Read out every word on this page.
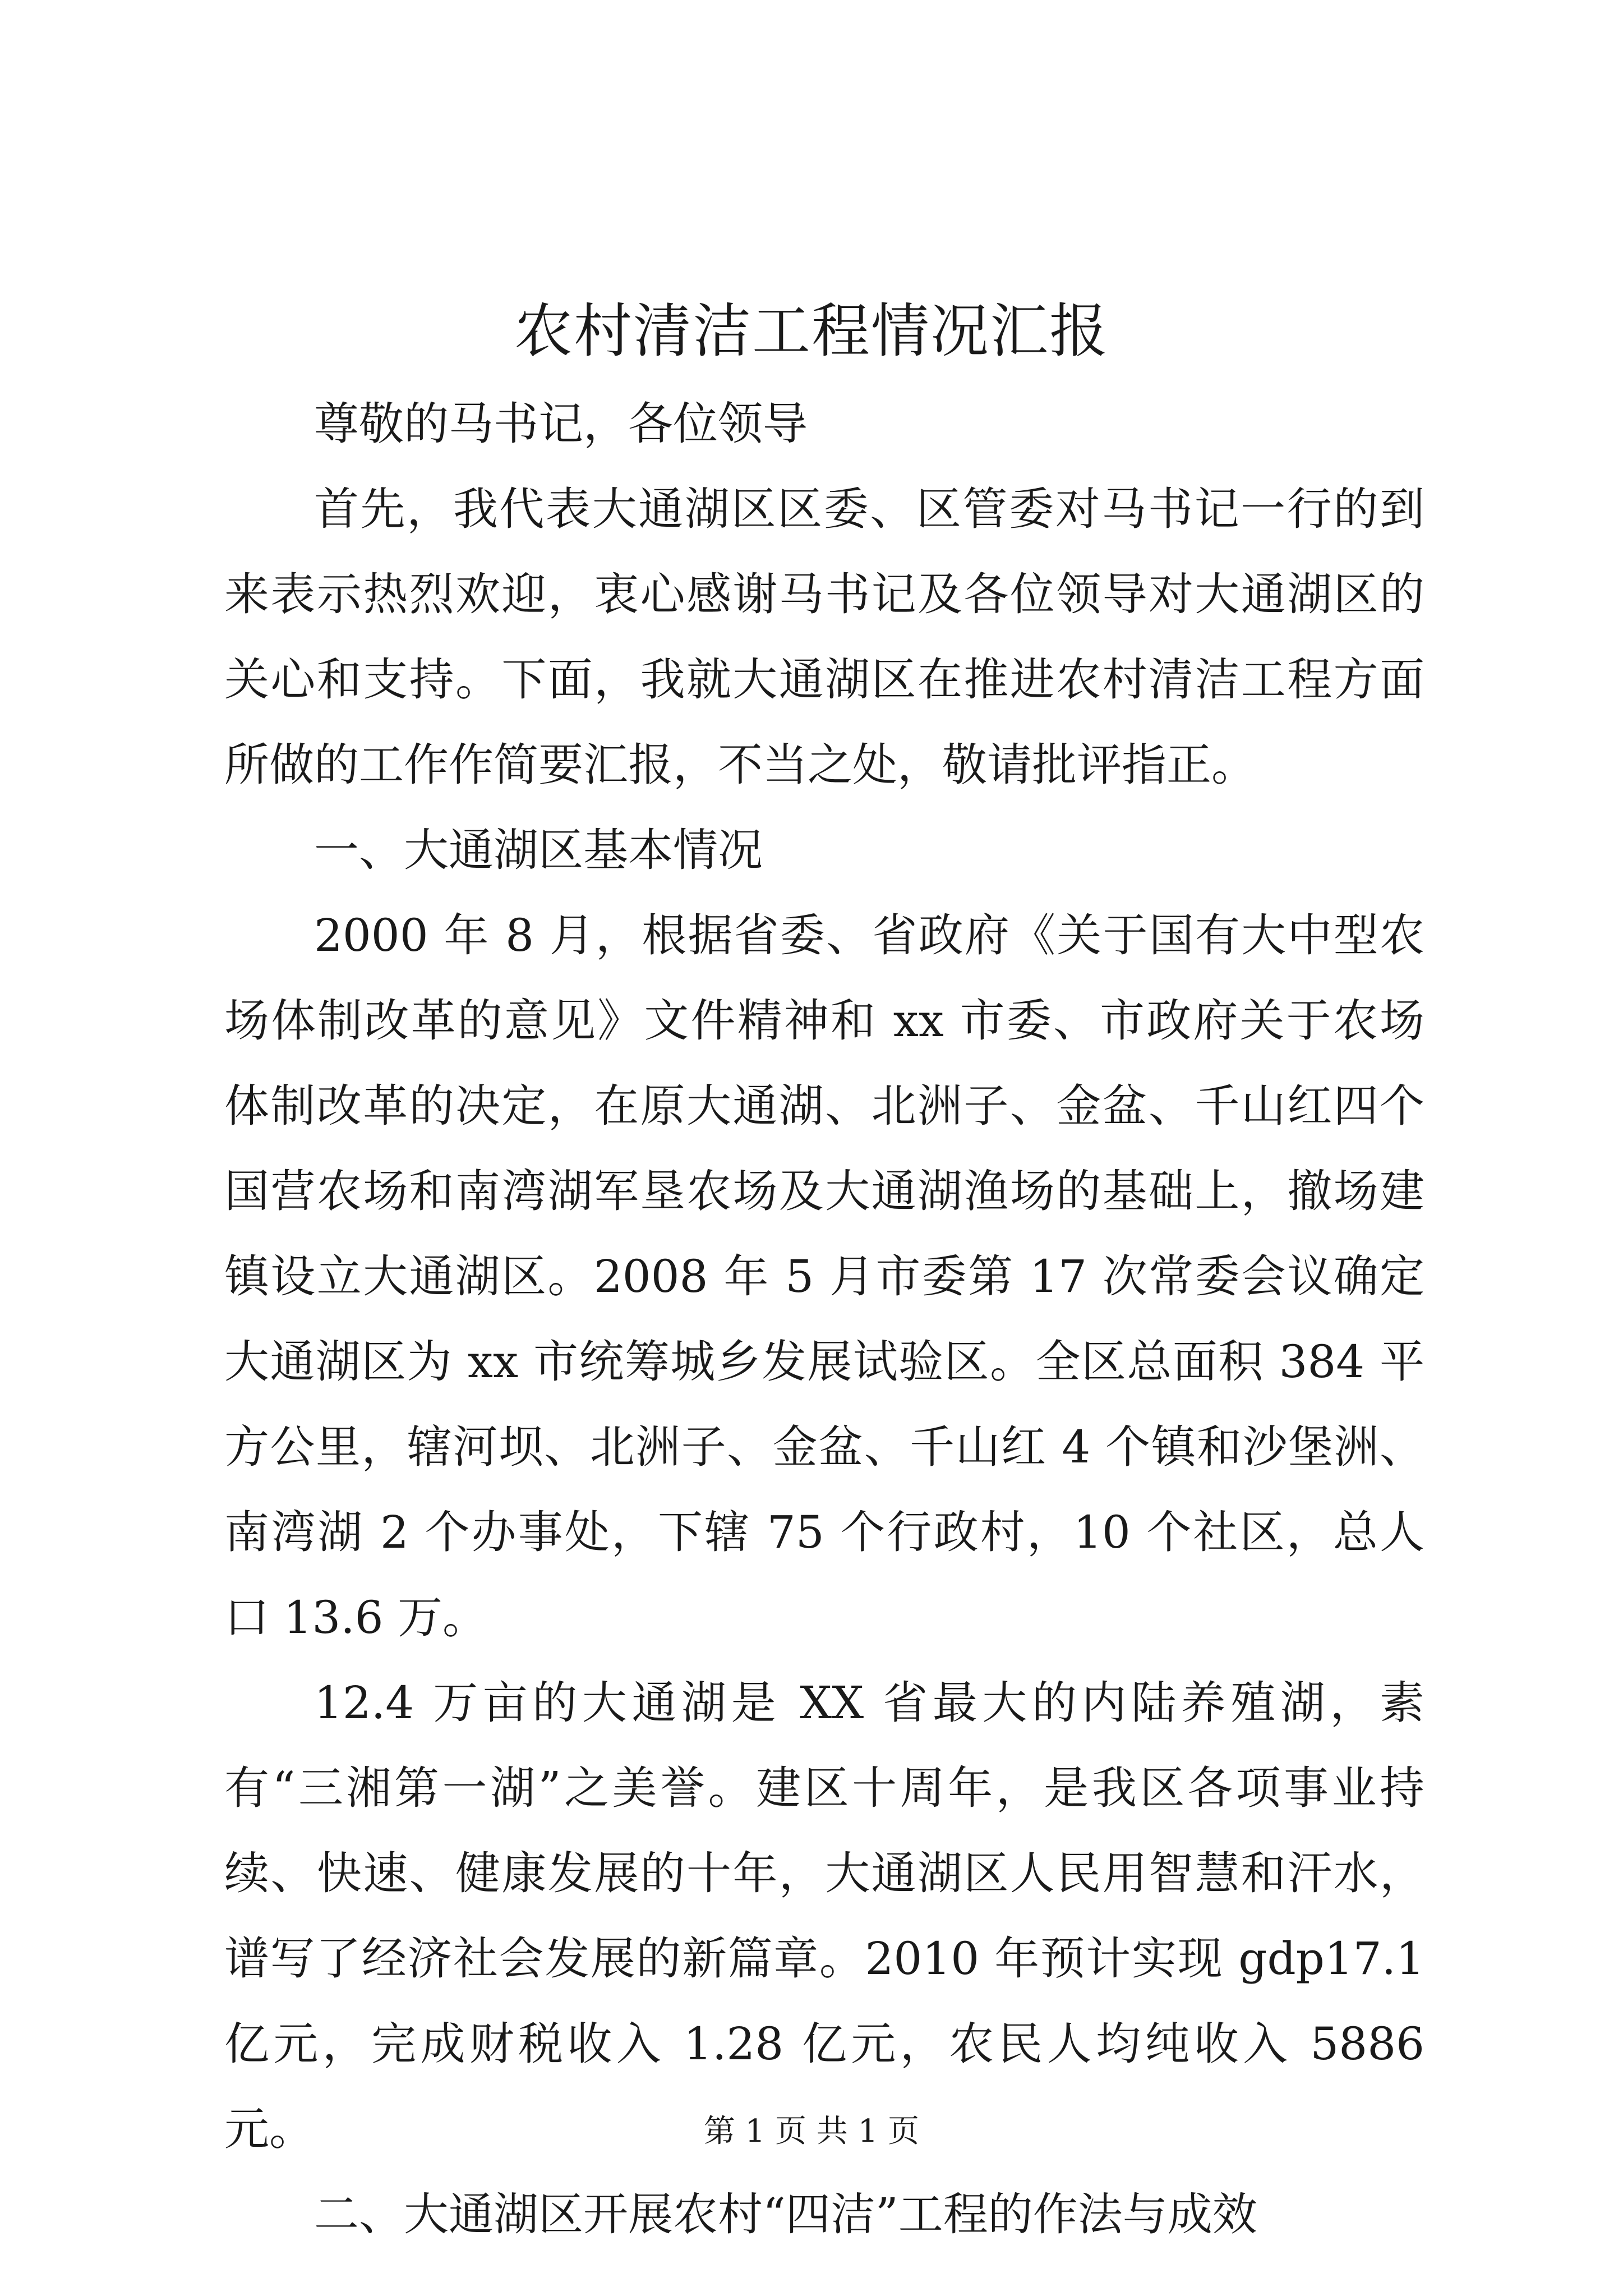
农村清洁工程情况汇报

尊敬的马书记，各位领导

首先，我代表大通湖区区委、区管委对马书记一行的到来表示热烈欢迎，衷心感谢马书记及各位领导对大通湖区的关心和支持。下面，我就大通湖区在推进农村清洁工程方面所做的工作作简要汇报，不当之处，敬请批评指正。

一、大通湖区基本情况

2000 年 8 月，根据省委、省政府《关于国有大中型农场体制改革的意见》文件精神和 xx 市委、市政府关于农场体制改革的决定，在原大通湖、北洲子、金盆、千山红四个国营农场和南湾湖军垦农场及大通湖渔场的基础上，撤场建镇设立大通湖区。2008 年 5 月市委第 17 次常委会议确定大通湖区为 xx 市统筹城乡发展试验区。全区总面积 384 平方公里，辖河坝、北洲子、金盆、千山红 4 个镇和沙堡洲、南湾湖 2 个办事处，下辖 75 个行政村，10 个社区，总人口 13.6 万。

12.4 万亩的大通湖是 XX 省最大的内陆养殖湖，素有“三湘第一湖”之美誉。建区十周年，是我区各项事业持续、快速、健康发展的十年，大通湖区人民用智慧和汗水，谱写了经济社会发展的新篇章。2010 年预计实现 gdp17.1 亿元，完成财税收入 1.28 亿元，农民人均纯收入 5886 元。

二、大通湖区开展农村“四洁”工程的作法与成效

第 1 页 共 1 页
